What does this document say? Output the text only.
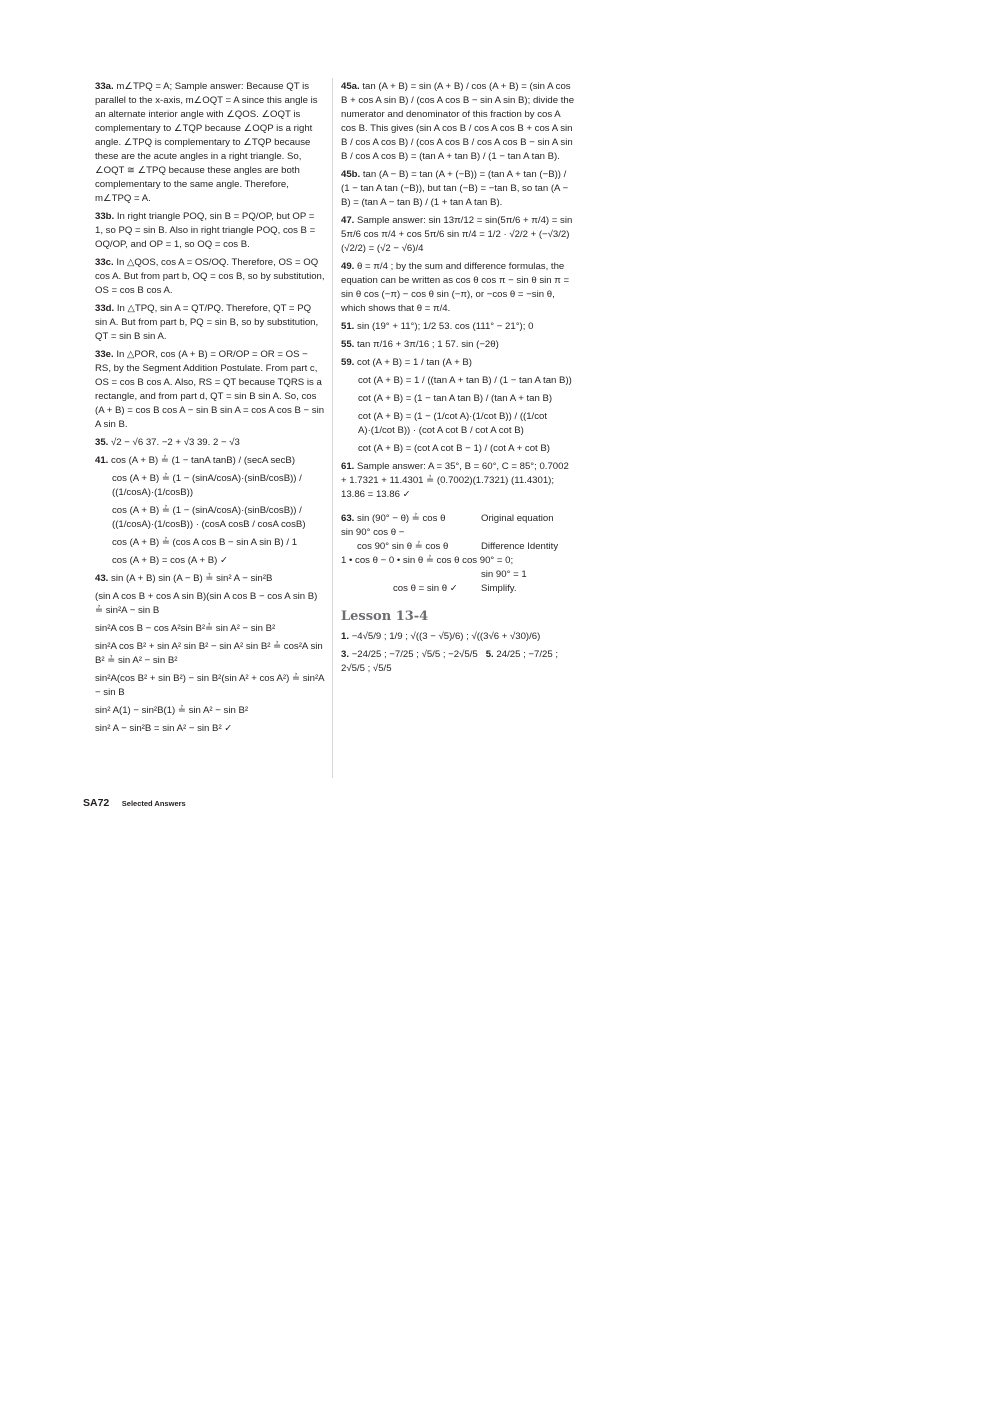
33a. m∠TPQ = A; Sample answer: Because QT is parallel to the x-axis, m∠OQT = A since this angle is an alternate interior angle with ∠QOS. ∠OQT is complementary to ∠TQP because ∠OQP is a right angle. ∠TPQ is complementary to ∠TQP because these are the acute angles in a right triangle. So, ∠OQT ≅ ∠TPQ because these angles are both complementary to the same angle. Therefore, m∠TPQ = A.

33b. In right triangle POQ, sin B = PQ/OP, but OP = 1, so PQ = sin B. Also in right triangle POQ, cos B = OQ/OP, and OP = 1, so OQ = cos B.

33c. In △QOS, cos A = OS/OQ. Therefore, OS = OQ cos A. But from part b, OQ = cos B, so by substitution, OS = cos B cos A.

33d. In △TPQ, sin A = QT/PQ. Therefore, QT = PQ sin A. But from part b, PQ = sin B, so by substitution, QT = sin B sin A.

33e. In △POR, cos (A + B) = OR/OP = OR = OS − RS, by the Segment Addition Postulate. From part c, OS = cos B cos A. Also, RS = QT because TQRS is a rectangle, and from part d, QT = sin B sin A. So, cos (A + B) = cos B cos A − sin B sin A = cos A cos B − sin A sin B.

35. √2 − √6 37. −2 + √3 39. 2 − √3

41. cos (A + B) ≟ (1 − tanA tanB) / (secA secB)

cos (A + B) ≟ (1 − (sinA/cosA)·(sinB/cosB)) / ((1/cosA)·(1/cosB))

cos (A + B) ≟ (1 − (sinA/cosA)·(sinB/cosB)) / ((1/cosA)·(1/cosB)) · (cosA cosB / cosA cosB)

cos (A + B) ≟ (cos A cos B − sin A sin B) / 1

cos (A + B) = cos (A + B) ✓

43. sin (A + B) sin (A − B) ≟ sin² A − sin²B

(sin A cos B + cos A sin B)(sin A cos B − cos A sin B) ≟ sin²A − sin B

sin²A cos B − cos A²sin B²≟ sin A² − sin B²

sin²A cos B² + sin A² sin B² − sin A² sin B² ≟ cos²A sin B² ≟ sin A² − sin B²

sin²A(cos B² + sin B²) − sin B²(sin A² + cos A²) ≟ sin²A − sin B

sin² A(1) − sin²B(1) ≟ sin A² − sin B²

sin² A − sin²B = sin A² − sin B² ✓

45a. tan (A + B) = sin (A + B) / cos (A + B) = (sin A cos B + cos A sin B) / (cos A cos B − sin A sin B); divide the numerator and denominator of this fraction by cos A cos B. This gives (sin A cos B / cos A cos B + cos A sin B / cos A cos B) / (cos A cos B / cos A cos B − sin A sin B / cos A cos B) = (tan A + tan B) / (1 − tan A tan B).

45b. tan (A − B) = tan (A + (−B)) = (tan A + tan (−B)) / (1 − tan A tan (−B)), but tan (−B) = −tan B, so tan (A − B) = (tan A − tan B) / (1 + tan A tan B).

47. Sample answer: sin 13π/12 = sin(5π/6 + π/4) = sin 5π/6 cos π/4 + cos 5π/6 sin π/4 = 1/2 · √2/2 + (−√3/2)(√2/2) = (√2 − √6)/4

49. θ = π/4 ; by the sum and difference formulas, the equation can be written as cos θ cos π − sin θ sin π = sin θ cos (−π) − cos θ sin (−π), or −cos θ = −sin θ, which shows that θ = π/4.

51. sin (19° + 11°); 1/2 53. cos (111° − 21°); 0

55. tan π/16 + 3π/16 ; 1 57. sin (−2θ)

59. cot (A + B) = 1 / tan (A + B)

cot (A + B) = 1 / ((tan A + tan B) / (1 − tan A tan B))

cot (A + B) = (1 − tan A tan B) / (tan A + tan B)

cot (A + B) = (1 − (1/cot A)·(1/cot B)) / ((1/cot A)·(1/cot B)) · (cot A cot B / cot A cot B)

cot (A + B) = (cot A cot B − 1) / (cot A + cot B)

61. Sample answer: A = 35°, B = 60°, C = 85°; 0.7002 + 1.7321 + 11.4301 ≟ (0.7002)(1.7321) (11.4301); 13.86 = 13.86 ✓

63. sin (90° − θ) ≟ cos θ	Original equation
sin 90° cos θ −
cos 90° sin θ ≟ cos θ	Difference Identity
1 • cos θ − 0 • sin θ ≟ cos θ cos 90° = 0;
sin 90° = 1
cos θ = sin θ ✓	Simplify.
Lesson 13-4
1. −4√5/9 ; 1/9 ; √((3 − √5)/6) ; √((3√6 + √30)/6)
3. −24/25 ; −7/25 ; √5/5 ; −2√5/5 5. 24/25 ; −7/25 ; 2√5/5 ; √5/5
SA72 Selected Answers
